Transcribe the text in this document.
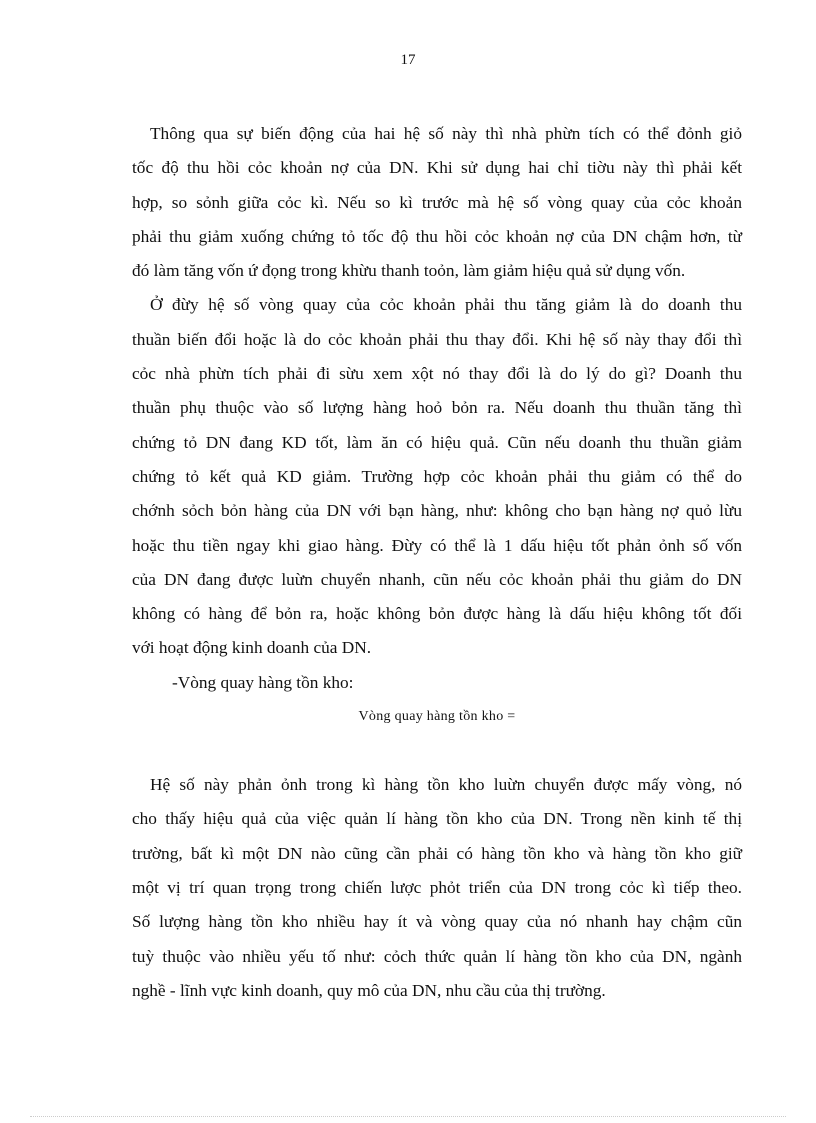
17

Thông qua sự biến động của hai hệ số này thì nhà phừn tích có thể đỏnh giỏ
tốc độ thu hồi cỏc khoản nợ của DN. Khi sử dụng hai chỉ tiờu này thì phải kết
hợp, so sỏnh giữa cỏc kì. Nếu so kì trước mà hệ số vòng quay của cỏc khoản
phải thu giảm xuống chứng tỏ tốc độ thu hồi cỏc khoản nợ của DN chậm hơn, từ
đó làm tăng vốn ứ đọng trong khừu thanh toỏn, làm giảm hiệu quả sử dụng vốn.

Ở đừy hệ số vòng quay của cỏc khoản phải thu tăng giảm là do doanh thu
thuần biến đổi hoặc là do cỏc khoản phải thu thay đổi. Khi hệ số này thay đổi thì
cỏc nhà phừn tích phải đi sừu xem xột nó thay đổi là do lý do gì? Doanh thu
thuần phụ thuộc vào số lượng hàng hoỏ bỏn ra. Nếu doanh thu thuần tăng thì
chứng tỏ DN đang KD tốt, làm ăn có hiệu quả. Cũn nếu doanh thu thuần giảm
chứng tỏ kết quả KD giảm. Trường hợp cỏc khoản phải thu giảm có thể do
chớnh sỏch bỏn hàng của DN với bạn hàng, như: không cho bạn hàng nợ quỏ lừu
hoặc thu tiền ngay khi giao hàng. Đừy có thể là 1 dấu hiệu tốt phản ỏnh số vốn
của DN đang được luừn chuyển nhanh, cũn nếu cỏc khoản phải thu giảm do DN
không có hàng để bỏn ra, hoặc không bỏn được hàng là dấu hiệu không tốt đối
với hoạt động kinh doanh của DN.

-Vòng quay hàng tồn kho:

Vòng quay hàng tồn kho =

Hệ số này phản ỏnh trong kì hàng tồn kho luừn chuyển được mấy vòng, nó
cho thấy hiệu quả của việc quản lí hàng tồn kho của DN. Trong nền kinh tế thị
trường, bất kì một DN nào cũng cần phải có hàng tồn kho và hàng tồn kho giữ
một vị trí quan trọng trong chiến lược phỏt triển của DN trong cỏc kì tiếp theo.
Số lượng hàng tồn kho nhiều hay ít và vòng quay của nó nhanh hay chậm cũn
tuỳ thuộc vào nhiều yếu tố như: cỏch thức quản lí hàng tồn kho của DN, ngành
nghề - lĩnh vực kinh doanh, quy mô của DN, nhu cầu của thị trường.
